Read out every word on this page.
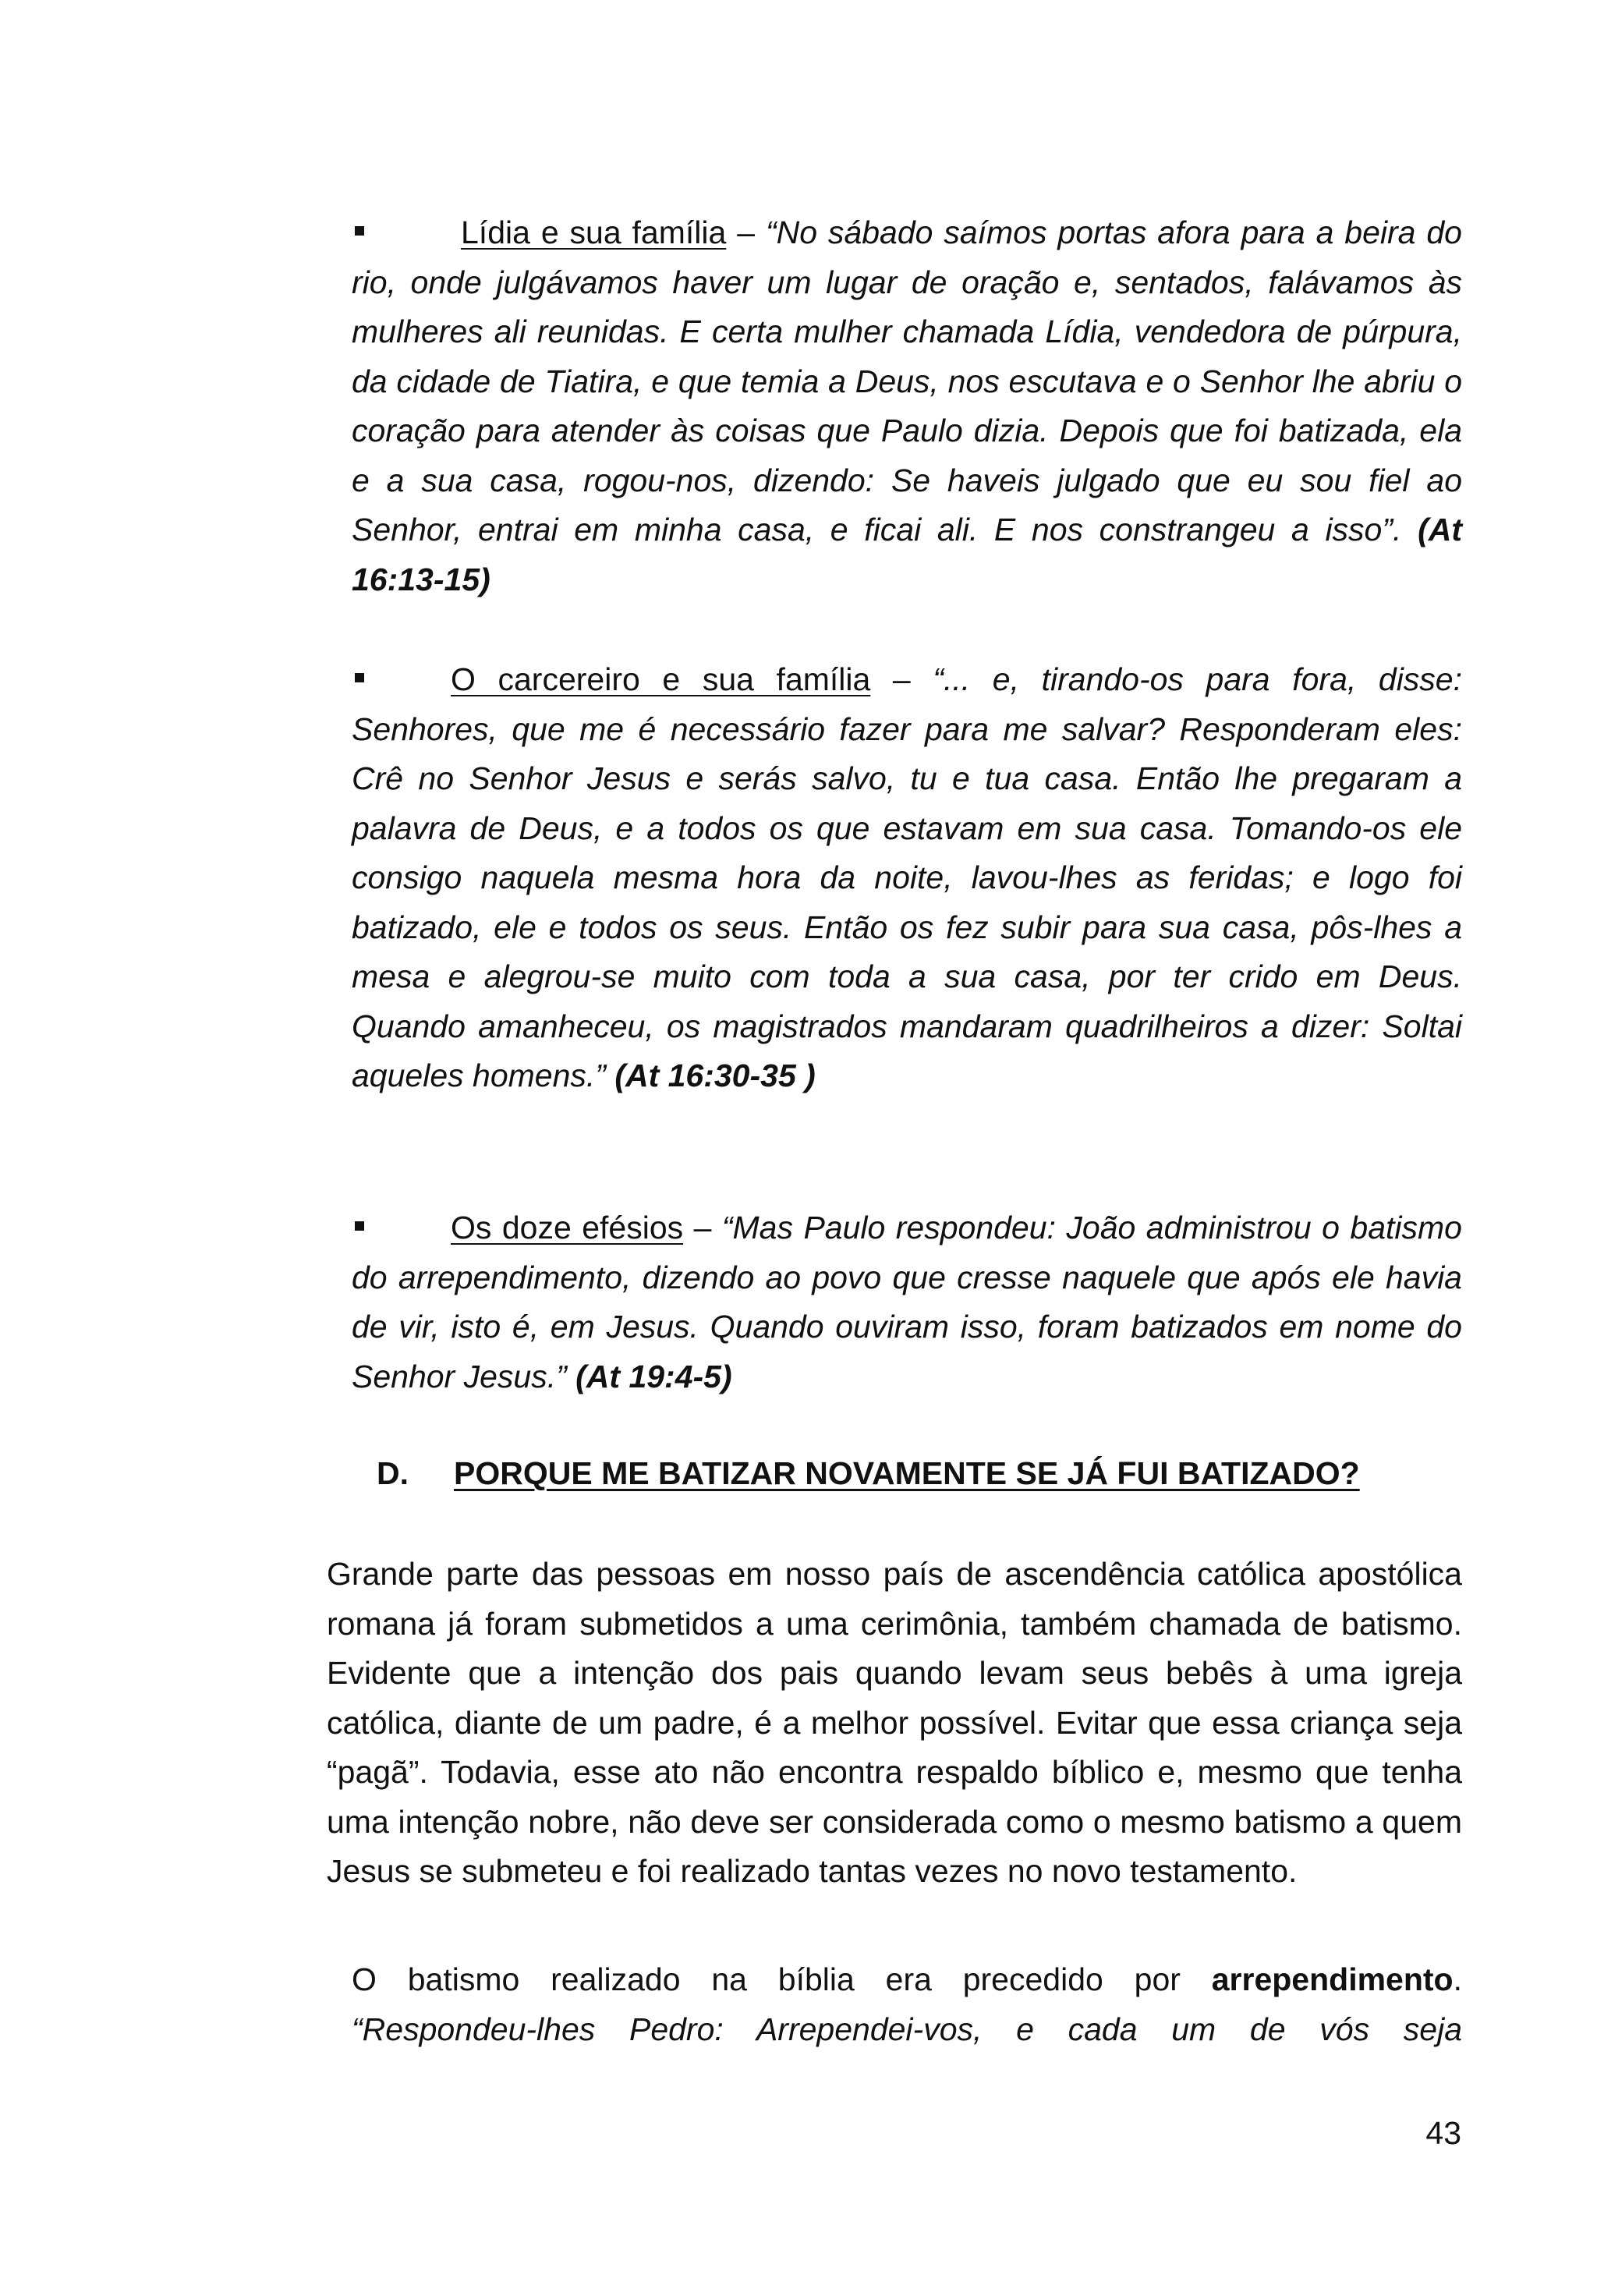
Lídia e sua família – “No sábado saímos portas afora para a beira do rio, onde julgávamos haver um lugar de oração e, sentados, falávamos às mulheres ali reunidas. E certa mulher chamada Lídia, vendedora de púrpura, da cidade de Tiatira, e que temia a Deus, nos escutava e o Senhor lhe abriu o coração para atender às coisas que Paulo dizia. Depois que foi batizada, ela e a sua casa, rogou-nos, dizendo: Se haveis julgado que eu sou fiel ao Senhor, entrai em minha casa, e ficai ali. E nos constrangeu a isso”. (At 16:13-15)

O carcereiro e sua família – “... e, tirando-os para fora, disse: Senhores, que me é necessário fazer para me salvar? Responderam eles: Crê no Senhor Jesus e serás salvo, tu e tua casa. Então lhe pregaram a palavra de Deus, e a todos os que estavam em sua casa. Tomando-os ele consigo naquela mesma hora da noite, lavou-lhes as feridas; e logo foi batizado, ele e todos os seus. Então os fez subir para sua casa, pôs-lhes a mesa e alegrou-se muito com toda a sua casa, por ter crido em Deus. Quando amanheceu, os magistrados mandaram quadrilheiros a dizer: Soltai aqueles homens.” (At 16:30-35 )

Os doze efésios – “Mas Paulo respondeu: João administrou o batismo do arrependimento, dizendo ao povo que cresse naquele que após ele havia de vir, isto é, em Jesus. Quando ouviram isso, foram batizados em nome do Senhor Jesus.” (At 19:4-5)

D. PORQUE ME BATIZAR NOVAMENTE SE JÁ FUI BATIZADO?

Grande parte das pessoas em nosso país de ascendência católica apostólica romana já foram submetidos a uma cerimônia, também chamada de batismo. Evidente que a intenção dos pais quando levam seus bebês à uma igreja católica, diante de um padre, é a melhor possível. Evitar que essa criança seja “pagã”. Todavia, esse ato não encontra respaldo bíblico e, mesmo que tenha uma intenção nobre, não deve ser considerada como o mesmo batismo a quem Jesus se submeteu e foi realizado tantas vezes no novo testamento.

O batismo realizado na bíblia era precedido por arrependimento. “Respondeu-lhes Pedro: Arrependei-vos, e cada um de vós seja

43
